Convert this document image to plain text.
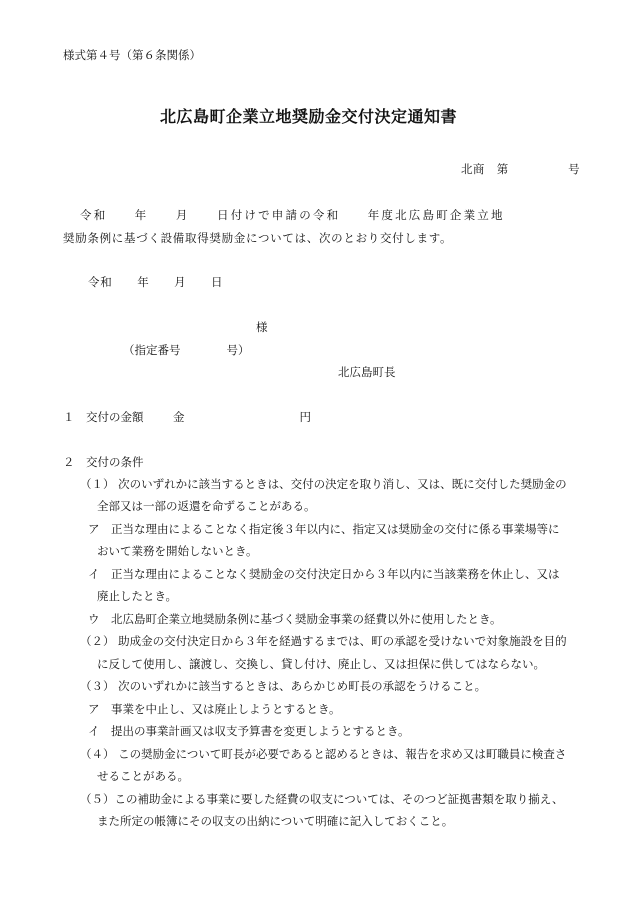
様式第４号（第６条関係）
北広島町企業立地奨励金交付決定通知書
北商　第　　　　　号
令和　　年　　月　　日付けで申請の令和　　年度北広島町企業立地
奨励条例に基づく設備取得奨励金については、次のとおり交付します。
令和　　年　　月　　日
様
（指定番号　　　　号）
北広島町長
１　交付の金額	金　　　　　　　　　　円
２　交付の条件
（１） 次のいずれかに該当するときは、交付の決定を取り消し、又は、既に交付した奨励金の
全部又は一部の返還を命ずることがある。
ア　正当な理由によることなく指定後３年以内に、指定又は奨励金の交付に係る事業場等に
おいて業務を開始しないとき。
イ　正当な理由によることなく奨励金の交付決定日から３年以内に当該業務を休止し、又は
廃止したとき。
ウ　北広島町企業立地奨励条例に基づく奨励金事業の経費以外に使用したとき。
（２） 助成金の交付決定日から３年を経過するまでは、町の承認を受けないで対象施設を目的
に反して使用し、譲渡し、交換し、貸し付け、廃止し、又は担保に供してはならない。
（３） 次のいずれかに該当するときは、あらかじめ町長の承認をうけること。
ア　事業を中止し、又は廃止しようとするとき。
イ　提出の事業計画又は収支予算書を変更しようとするとき。
（４） この奨励金について町長が必要であると認めるときは、報告を求め又は町職員に検査さ
せることがある。
（５）この補助金による事業に要した経費の収支については、そのつど証拠書類を取り揃え、
また所定の帳簿にその収支の出納について明確に記入しておくこと。
